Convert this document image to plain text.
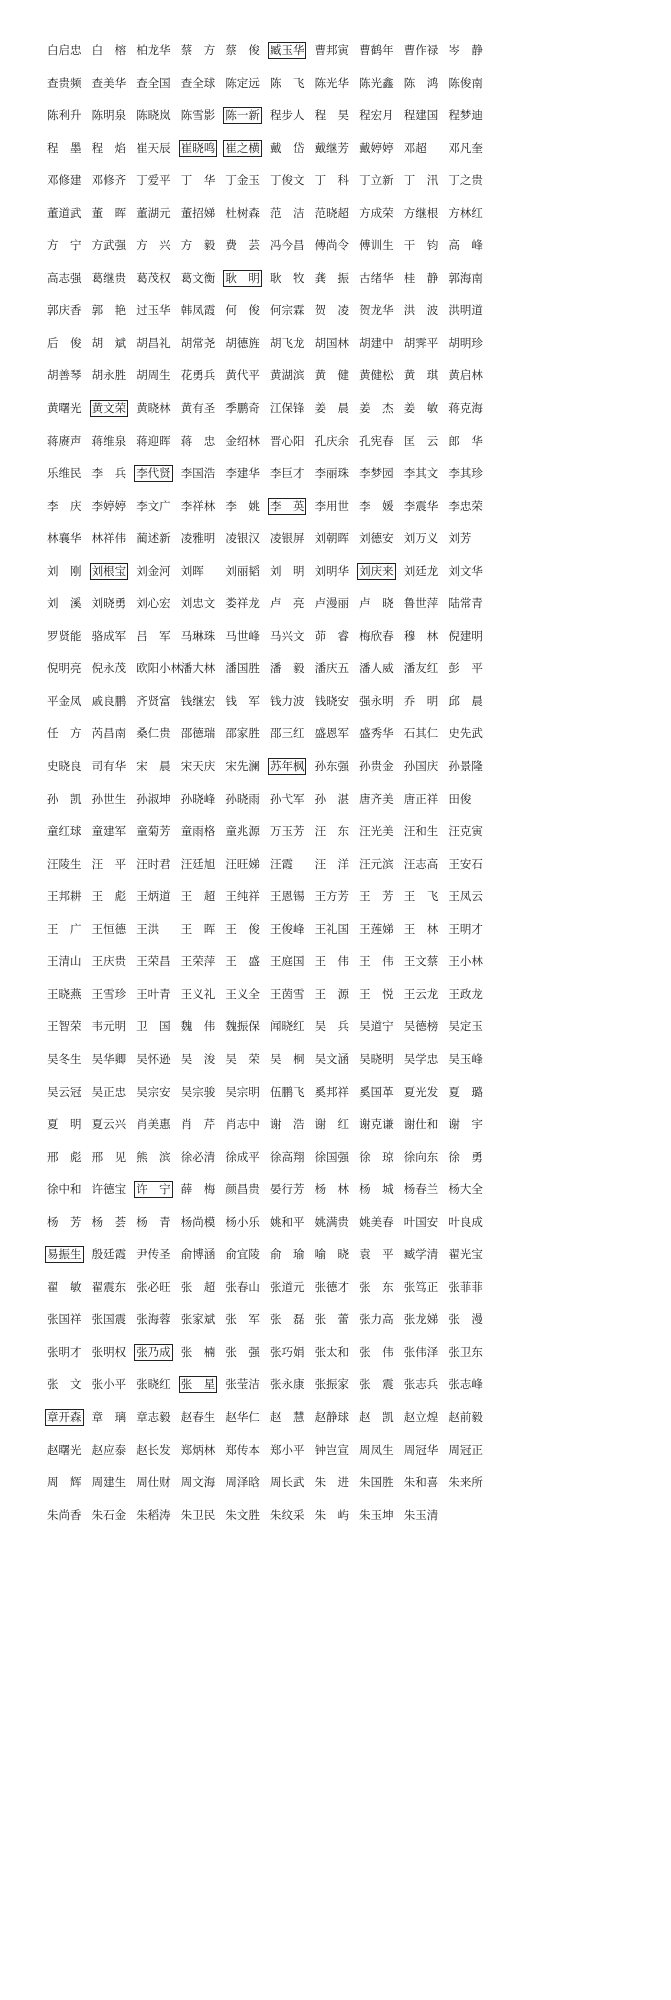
白启忠 白 榕 柏龙华 蔡 方 蔡 俊 臧玉华 曹邦寅 曹鹤年 曹作禄 岑 静
查贵频 查美华 查全国 查全球 陈定远 陈 飞 陈光华 陈光鑫 陈 鸿 陈俊南
陈利升 陈明泉 陈晓岚 陈雪影 陈一新 程步人 程 昊 程宏月 程建国 程梦迪
程 墨 程 焰 崔天辰 崔晓鸣 崔之横 戴 岱 戴继芳 戴婷婷 邓超 邓凡奎
邓修建 邓修齐 丁爱平 丁 华 丁金玉 丁俊文 丁 科 丁立新 丁 汛 丁之贵
董道武 董 晖 董湖元 董招娣 杜树森 范 洁 范晓超 方成荣 方继根 方林红
方 宁 方武强 方 兴 方 毅 费 芸 冯今昌 傅尚令 傅训生 干 钧 高 峰
高志强 葛继贵 葛茂权 葛文衡 耿 明 耿 牧 龚 振 古绪华 桂 静 郭海南
郭庆香 郭 艳 过玉华 韩凤霞 何 俊 何宗霖 贺 凌 贺龙华 洪 波 洪明道
后 俊 胡 斌 胡昌礼 胡常尧 胡德旌 胡飞龙 胡国林 胡建中 胡霁平 胡明珍
胡善琴 胡永胜 胡周生 花勇兵 黄代平 黄湖滨 黄 健 黄健松 黄 琪 黄启林
黄曙光 黄文荣 黄晓林 黄有圣 季鹏奇 江保锋 姜 晨 姜 杰 姜 敏 蒋克海
蒋赓声 蒋维泉 蒋迎晖 蒋 忠 金绍林 晋心阳 孔庆余 孔宪春 匡 云 郎 华
乐维民 李 兵 李代贤 李国浩 李建华 李巨才 李丽珠 李梦园 李其文 李其珍
李 庆 李婷婷 李文广 李祥林 李 姚 李 英 李用世 李 媛 李震华 李忠荣
林襄华 林祥伟 蔺述新 凌雅明 凌银汉 凌银屏 刘朝晖 刘德安 刘万义 刘芳
刘 刚 刘根宝 刘金河 刘晖 刘丽韬 刘 明 刘明华 刘庆来 刘廷龙 刘文华
刘 溪 刘晓勇 刘心宏 刘忠文 娄祥龙 卢 亮 卢漫丽 卢 晓 鲁世萍 陆常青
罗贤能 骆成军 吕 军 马琳珠 马世峰 马兴文 茆 睿 梅欣春 穆 林 倪建明
倪明亮 倪永茂 欧阳小林
潘大林 潘国胜 潘 毅 潘庆五 潘人威 潘友红 彭 平
平金凤 戚良鹏 齐贤富 钱继宏 钱 军 钱力波 钱晓安 强永明 乔 明 邱 晨
任 方 芮昌南 桑仁贵 邵德瑞 邵家胜 邵三红 盛恩军 盛秀华 石其仁 史先武
史晓良 司有华 宋 晨 宋天庆 宋先澜 苏年枫 孙东强 孙贵金 孙国庆 孙景隆
孙 凯 孙世生 孙淑坤 孙晓峰 孙晓雨 孙弋军 孙 湛 唐齐美 唐正祥 田俊
童红球 童建军 童菊芳 童雨格 童兆源 万玉芳 汪 东 汪光美 汪和生 汪克寅
汪陵生 汪 平 汪时君 汪廷旭 汪旺娣 汪霞 汪 洋 汪元滨 汪志高 王安石
王邦耕 王 彪 王炳道 王 超 王纯祥 王恩锡 王方芳 王 芳 王 飞 王凤云
王 广 王恒德 王洪 王 晖 王 俊 王俊峰 王礼国 王莲娣 王 林 王明才
王清山 王庆贵 王荣昌 王荣萍 王 盛 王庭国 王 伟 王 伟 王文蔡 王小林
王晓燕 王雪珍 王叶青 王义礼 王义全 王茵雪 王 源 王 悦 王云龙 王政龙
王智荣 韦元明 卫 国 魏 伟 魏振保 闻晓红 吴 兵 吴道宁 吴德榜 吴定玉
吴冬生 吴华卿 吴怀逊 吴 浚 吴 荣 吴 桐 吴文涵 吴晓明 吴学忠 吴玉峰
吴云冠 吴正忠 吴宗安 吴宗骏 吴宗明 伍鹏飞 奚邦祥 奚国革 夏光发 夏 璐
夏 明 夏云兴 肖美惠 肖 芹 肖志中 谢 浩 谢 红 谢克谦 谢仕和 谢 宇
邢 彪 邢 见 熊 滨 徐必清 徐成平 徐高翔 徐国强 徐 琼 徐向东 徐 勇
徐中和 许德宝 许 宁 薛 梅 颜昌贵 晏行芳 杨 林 杨 城 杨春兰 杨大全
杨 芳 杨 荟 杨 青 杨尚模 杨小乐 姚和平 姚满贵 姚美春 叶国安 叶良成
易振生 殷廷霞 尹传圣 俞博涵 俞宜陵 俞 瑜 喻 晓 袁 平 臧学清 翟光宝
翟 敏 翟震东 张必旺 张 超 张春山 张道元 张德才 张 东 张笃正 张菲菲
张国祥 张国震 张海蓉 张家斌 张 军 张 磊 张 蕾 张力高 张龙娣 张 漫
张明才 张明权 张乃成 张 楠 张 强 张巧娟 张太和 张 伟 张伟泽 张卫东
张 文 张小平 张晓红 张 星 张莹洁 张永康 张振家 张 震 张志兵 张志峰
章开森 章 璃 章志毅 赵春生 赵华仁 赵 慧 赵静球 赵 凯 赵立煌 赵前毅
赵曙光 赵应泰 赵长发 郑炳林 郑传本 郑小平 钟岂宣 周凤生 周冠华 周冠正
周 辉 周建生 周仕财 周文海 周泽晗 周长武 朱 进 朱国胜 朱和喜 朱来所
朱尚香 朱石金 朱稻涛 朱卫民 朱文胜 朱纹采 朱 屿 朱玉坤 朱玉清
